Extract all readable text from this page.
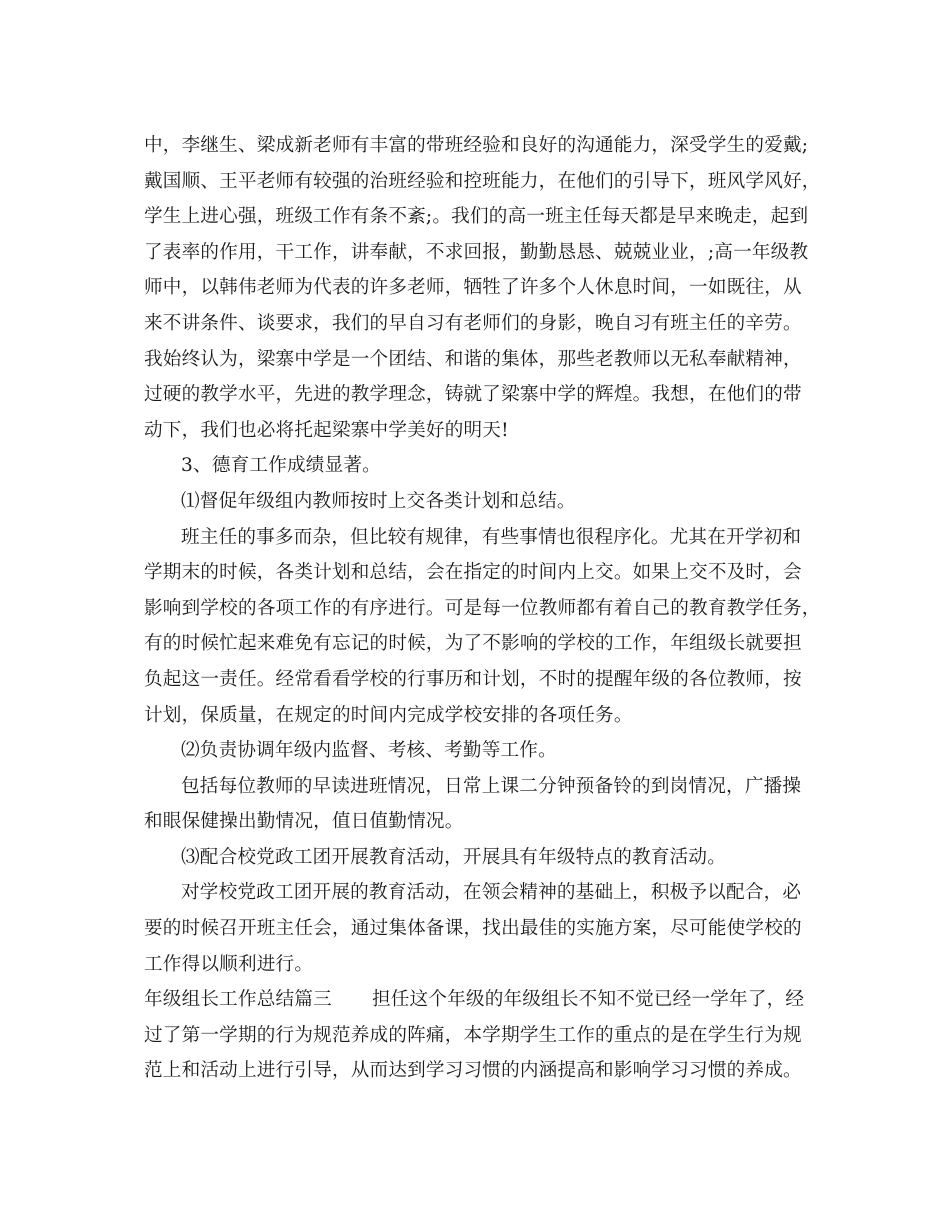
中，李继生、梁成新老师有丰富的带班经验和良好的沟通能力，深受学生的爱戴;
戴国顺、王平老师有较强的治班经验和控班能力，在他们的引导下，班风学风好，
学生上进心强，班级工作有条不紊;。我们的高一班主任每天都是早来晚走，起到
了表率的作用，干工作，讲奉献，不求回报，勤勤恳恳、兢兢业业，;高一年级教
师中，以韩伟老师为代表的许多老师，牺牲了许多个人休息时间，一如既往，从
来不讲条件、谈要求，我们的早自习有老师们的身影，晚自习有班主任的辛劳。
我始终认为，梁寨中学是一个团结、和谐的集体，那些老教师以无私奉献精神，
过硬的教学水平，先进的教学理念，铸就了梁寨中学的辉煌。我想，在他们的带
动下，我们也必将托起梁寨中学美好的明天!
3、德育工作成绩显著。
⑴督促年级组内教师按时上交各类计划和总结。
班主任的事多而杂，但比较有规律，有些事情也很程序化。尤其在开学初和
学期末的时候，各类计划和总结，会在指定的时间内上交。如果上交不及时，会
影响到学校的各项工作的有序进行。可是每一位教师都有着自己的教育教学任务，
有的时候忙起来难免有忘记的时候，为了不影响的学校的工作，年组级长就要担
负起这一责任。经常看看学校的行事历和计划，不时的提醒年级的各位教师，按
计划，保质量，在规定的时间内完成学校安排的各项任务。
⑵负责协调年级内监督、考核、考勤等工作。
包括每位教师的早读进班情况，日常上课二分钟预备铃的到岗情况，广播操
和眼保健操出勤情况，值日值勤情况。
⑶配合校党政工团开展教育活动，开展具有年级特点的教育活动。
对学校党政工团开展的教育活动，在领会精神的基础上，积极予以配合，必
要的时候召开班主任会，通过集体备课，找出最佳的实施方案，尽可能使学校的
工作得以顺利进行。
年级组长工作总结篇三 担任这个年级的年级组长不知不觉已经一学年了，经
过了第一学期的行为规范养成的阵痛，本学期学生工作的重点的是在学生行为规
范上和活动上进行引导，从而达到学习习惯的内涵提高和影响学习习惯的养成。
